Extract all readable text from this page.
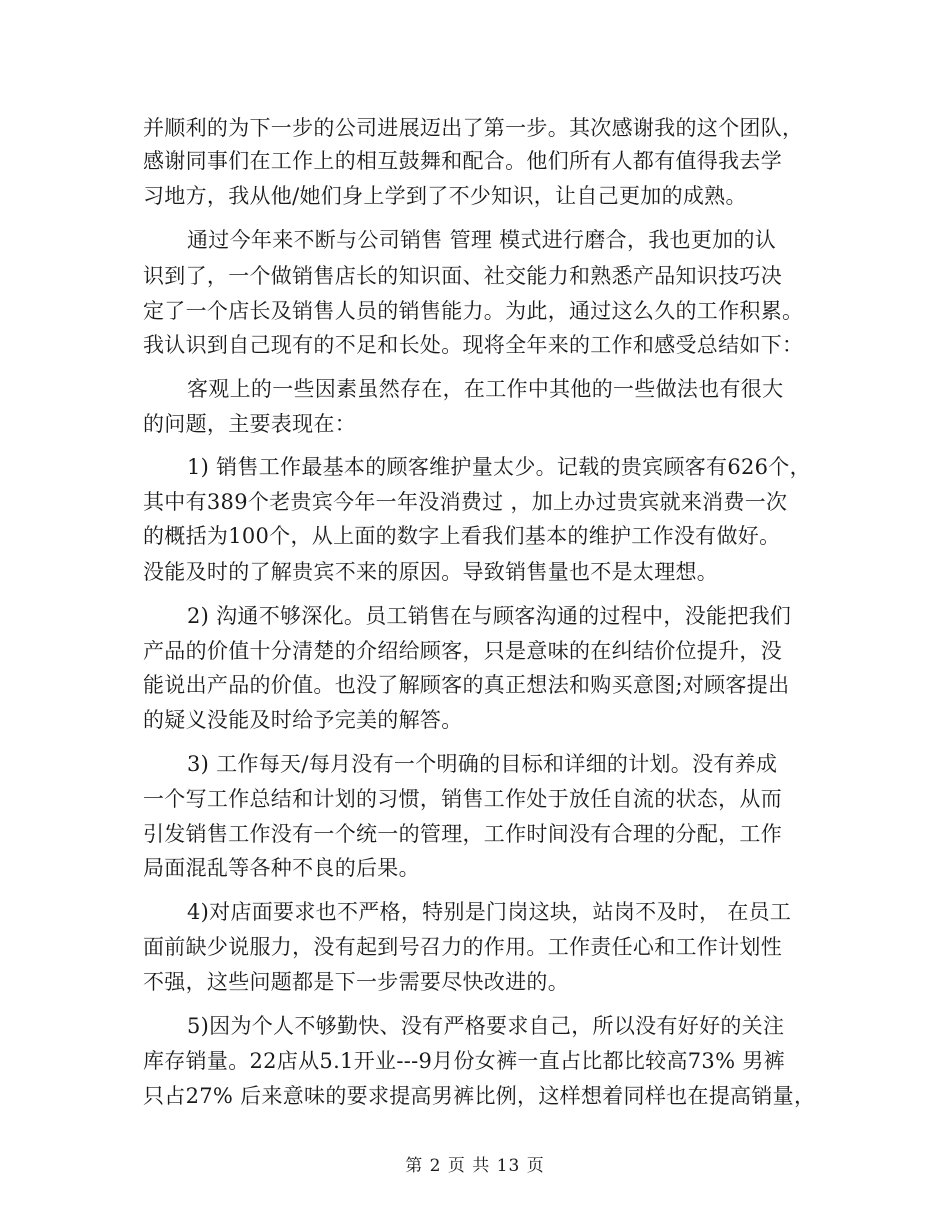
并顺利的为下一步的公司进展迈出了第一步。其次感谢我的这个团队，
感谢同事们在工作上的相互鼓舞和配合。他们所有人都有值得我去学
习地方，我从他/她们身上学到了不少知识，让自己更加的成熟。
通过今年来不断与公司销售 管理 模式进行磨合，我也更加的认
识到了，一个做销售店长的知识面、社交能力和熟悉产品知识技巧决
定了一个店长及销售人员的销售能力。为此，通过这么久的工作积累。
我认识到自己现有的不足和长处。现将全年来的工作和感受总结如下：
客观上的一些因素虽然存在，在工作中其他的一些做法也有很大
的问题，主要表现在：
1) 销售工作最基本的顾客维护量太少。记载的贵宾顾客有626个，
其中有389个老贵宾今年一年没消费过 ，加上办过贵宾就来消费一次
的概括为100个，从上面的数字上看我们基本的维护工作没有做好。
没能及时的了解贵宾不来的原因。导致销售量也不是太理想。
2) 沟通不够深化。员工销售在与顾客沟通的过程中，没能把我们
产品的价值十分清楚的介绍给顾客，只是意味的在纠结价位提升，没
能说出产品的价值。也没了解顾客的真正想法和购买意图;对顾客提出
的疑义没能及时给予完美的解答。
3) 工作每天/每月没有一个明确的目标和详细的计划。没有养成
一个写工作总结和计划的习惯，销售工作处于放任自流的状态，从而
引发销售工作没有一个统一的管理，工作时间没有合理的分配，工作
局面混乱等各种不良的后果。
4)对店面要求也不严格，特别是门岗这块，站岗不及时， 在员工
面前缺少说服力，没有起到号召力的作用。工作责任心和工作计划性
不强，这些问题都是下一步需要尽快改进的。
5)因为个人不够勤快、没有严格要求自己，所以没有好好的关注
库存销量。22店从5.1开业---9月份女裤一直占比都比较高73% 男裤
只占27% 后来意味的要求提高男裤比例，这样想着同样也在提高销量，
第 2 页 共 13 页
